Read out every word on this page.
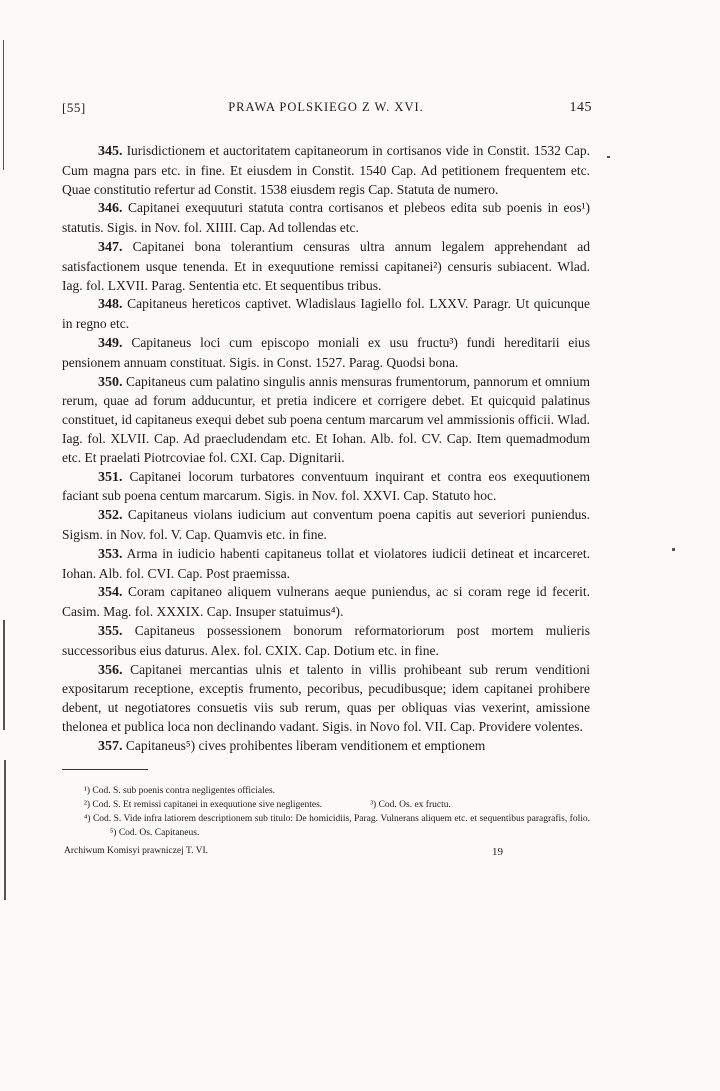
[55]	PRAWA POLSKIEGO Z W. XVI.	145

345. Iurisdictionem et auctoritatem capitaneorum in cortisanos vide in Constit. 1532 Cap. Cum magna pars etc. in fine. Et eiusdem in Constit. 1540 Cap. Ad petitionem frequentem etc. Quae constitutio refertur ad Constit. 1538 eiusdem regis Cap. Statuta de numero.

346. Capitanei exequuturi statuta contra cortisanos et plebeos edita sub poenis in eos¹) statutis. Sigis. in Nov. fol. XIIII. Cap. Ad tollendas etc.

347. Capitanei bona tolerantium censuras ultra annum legalem apprehendant ad satisfactionem usque tenenda. Et in exequutione remissi capitanei²) censuris subiacent. Wlad. Iag. fol. LXVII. Parag. Sententia etc. Et sequentibus tribus.

348. Capitaneus hereticos captivet. Wladislaus Iagiello fol. LXXV. Paragr. Ut quicunque in regno etc.

349. Capitaneus loci cum episcopo moniali ex usu fructu³) fundi hereditarii eius pensionem annuam constituat. Sigis. in Const. 1527. Parag. Quodsi bona.

350. Capitaneus cum palatino singulis annis mensuras frumentorum, pannorum et omnium rerum, quae ad forum adducuntur, et pretia indicere et corrigere debet. Et quicquid palatinus constituet, id capitaneus exequi debet sub poena centum marcarum vel ammissionis officii. Wlad. Iag. fol. XLVII. Cap. Ad praecludendam etc. Et Iohan. Alb. fol. CV. Cap. Item quemadmodum etc. Et praelati Piotrcoviae fol. CXI. Cap. Dignitarii.

351. Capitanei locorum turbatores conventuum inquirant et contra eos exequutionem faciant sub poena centum marcarum. Sigis. in Nov. fol. XXVI. Cap. Statuto hoc.

352. Capitaneus violans iudicium aut conventum poena capitis aut severiori puniendus. Sigism. in Nov. fol. V. Cap. Quamvis etc. in fine.

353. Arma in iudicio habenti capitaneus tollat et violatores iudicii detineat et incarceret. Iohan. Alb. fol. CVI. Cap. Post praemissa.

354. Coram capitaneo aliquem vulnerans aeque puniendus, ac si coram rege id fecerit. Casim. Mag. fol. XXXIX. Cap. Insuper statuimus⁴).

355. Capitaneus possessionem bonorum reformatoriorum post mortem mulieris successoribus eius daturus. Alex. fol. CXIX. Cap. Dotium etc. in fine.

356. Capitanei mercantias ulnis et talento in villis prohibeant sub rerum venditioni expositarum receptione, exceptis frumento, pecoribus, pecudibusque; idem capitanei prohibere debent, ut negotiatores consuetis viis sub rerum, quas per obliquas vias vexerint, amissione thelonea et publica loca non declinando vadant. Sigis. in Novo fol. VII. Cap. Providere volentes.

357. Capitaneus⁵) cives prohibentes liberam venditionem et emptionem

¹) Cod. S. sub poenis contra negligentes officiales.

²) Cod. S. Et remissi capitanei in exequutione sive negligentes.	³) Cod. Os. ex fructu.

⁴) Cod. S. Vide infra latiorem descriptionem sub titulo: De homicidiis, Parag. Vulnerans aliquem etc. et sequentibus paragrafis, folio.⁵) Cod. Os. Capitaneus.

Archiwum Komisyi prawniczej T. VI.	19
